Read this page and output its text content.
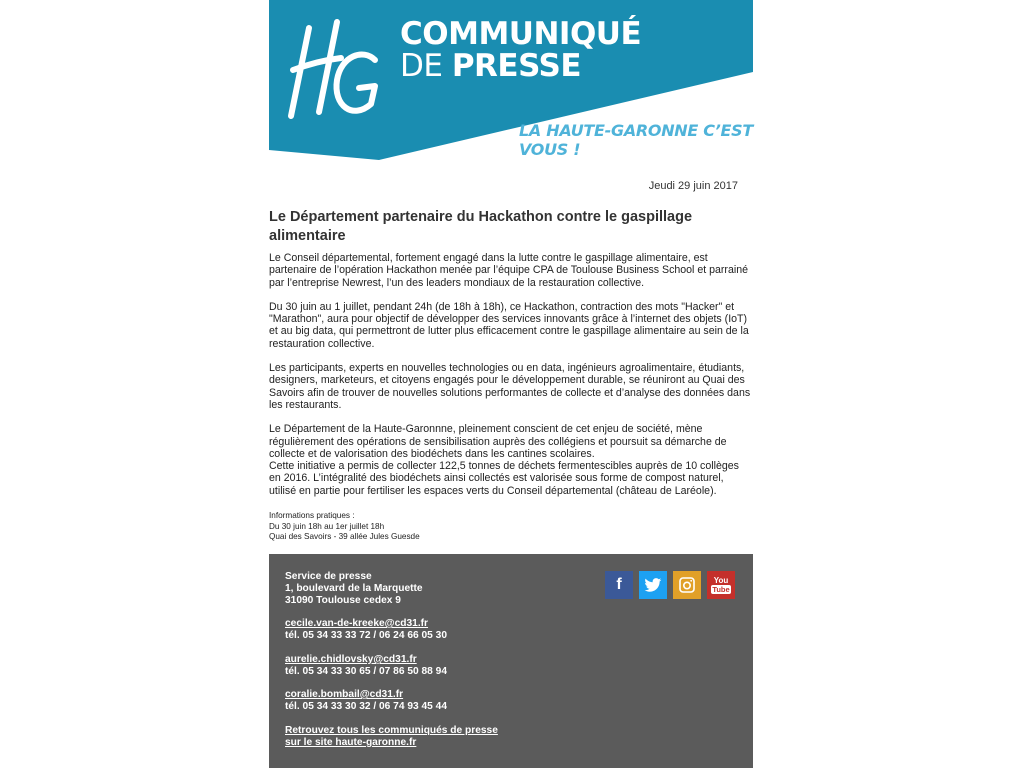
COMMUNIQUÉ
DE PRESSE
LA HAUTE-GARONNE C’EST VOUS !
Jeudi 29 juin 2017
Le Département partenaire du Hackathon contre le gaspillage alimentaire

Le Conseil départemental, fortement engagé dans la lutte contre le gaspillage alimentaire, est partenaire de l’opération Hackathon menée par l’équipe CPA de Toulouse Business School et parrainé par l’entreprise Newrest, l’un des leaders mondiaux de la restauration collective.

Du 30 juin au 1 juillet, pendant 24h (de 18h à 18h), ce Hackathon, contraction des mots "Hacker" et "Marathon", aura pour objectif de développer des services innovants grâce à l’internet des objets (IoT) et au big data, qui permettront de lutter plus efficacement contre le gaspillage alimentaire au sein de la restauration collective.

Les participants, experts en nouvelles technologies ou en data, ingénieurs agroalimentaire, étudiants, designers, marketeurs, et citoyens engagés pour le développement durable, se réuniront au Quai des Savoirs afin de trouver de nouvelles solutions performantes de collecte et d’analyse des données dans les restaurants.

Le Département de la Haute-Garonnne, pleinement conscient de cet enjeu de société, mène régulièrement des opérations de sensibilisation auprès des collégiens et poursuit sa démarche de collecte et de valorisation des biodéchets dans les cantines scolaires.

Cette initiative a permis de collecter 122,5 tonnes de déchets fermentescibles auprès de 10 collèges en 2016. L’intégralité des biodéchets ainsi collectés est valorisée sous forme de compost naturel, utilisé en partie pour fertiliser les espaces verts du Conseil départemental (château de Laréole).

Informations pratiques :
Du 30 juin 18h au 1er juillet 18h
Quai des Savoirs - 39 allée Jules Guesde
Service de presse
1, boulevard de la Marquette
31090 Toulouse cedex 9
cecile.van-de-kreeke@cd31.fr
tél. 05 34 33 33 72 / 06 24 66 05 30
aurelie.chidlovsky@cd31.fr
tél. 05 34 33 30 65 / 07 86 50 88 94
coralie.bombail@cd31.fr
tél. 05 34 33 30 32 / 06 74 93 45 44
Retrouvez tous les communiqués de presse
sur le site haute-garonne.fr
f	You
Tube
